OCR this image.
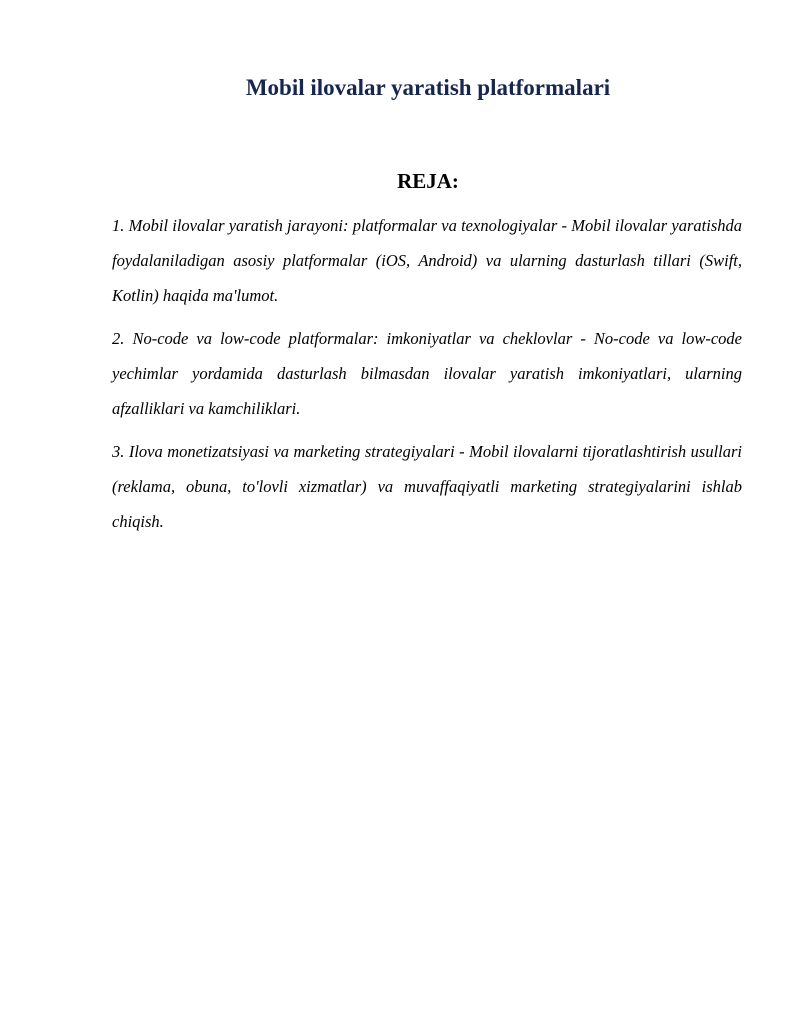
Mobil ilovalar yaratish platformalari
REJA:

1. Mobil ilovalar yaratish jarayoni: platformalar va texnologiyalar - Mobil ilovalar yaratishda foydalaniladigan asosiy platformalar (iOS, Android) va ularning dasturlash tillari (Swift, Kotlin) haqida ma'lumot.

2. No-code va low-code platformalar: imkoniyatlar va cheklovlar - No-code va low-code yechimlar yordamida dasturlash bilmasdan ilovalar yaratish imkoniyatlari, ularning afzalliklari va kamchiliklari.

3. Ilova monetizatsiyasi va marketing strategiyalari - Mobil ilovalarni tijoratlashtirish usullari (reklama, obuna, to'lovli xizmatlar) va muvaffaqiyatli marketing strategiyalarini ishlab chiqish.
